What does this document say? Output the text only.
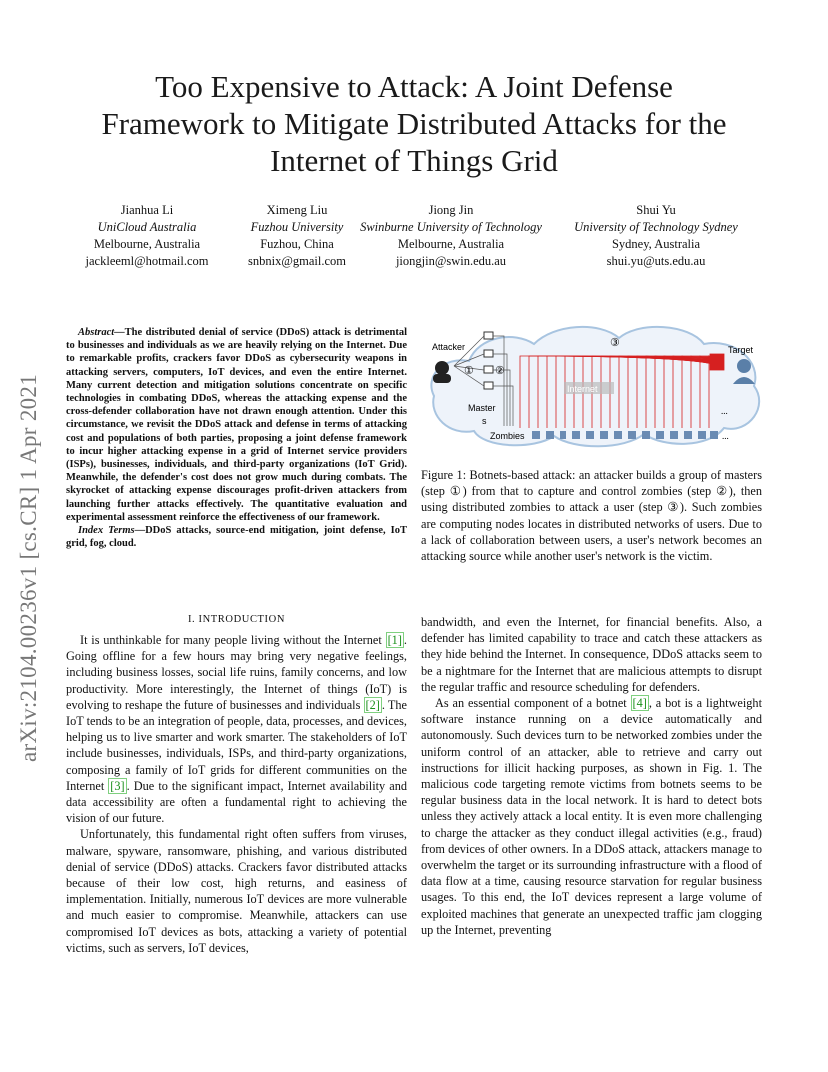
Too Expensive to Attack: A Joint Defense
Framework to Mitigate Distributed Attacks for the
Internet of Things Grid
Jianhua Li
UniCloud Australia
Melbourne, Australia
jackleeml@hotmail.com
Ximeng Liu
Fuzhou University
Fuzhou, China
snbnix@gmail.com
Jiong Jin
Swinburne University of Technology
Melbourne, Australia
jiongjin@swin.edu.au
Shui Yu
University of Technology Sydney
Sydney, Australia
shui.yu@uts.edu.au
arXiv:2104.00236v1 [cs.CR] 1 Apr 2021

Abstract—The distributed denial of service (DDoS) attack is detrimental to businesses and individuals as we are heavily relying on the Internet. Due to remarkable profits, crackers favor DDoS as cybersecurity weapons in attacking servers, computers, IoT devices, and even the entire Internet. Many current detection and mitigation solutions concentrate on specific technologies in combating DDoS, whereas the attacking expense and the cross-defender collaboration have not drawn enough attention. Under this circumstance, we revisit the DDoS attack and defense in terms of attacking cost and populations of both parties, proposing a joint defense framework to incur higher attacking expense in a grid of Internet service providers (ISPs), businesses, individuals, and third-party organizations (IoT Grid). Meanwhile, the defender's cost does not grow much during combats. The skyrocket of attacking expense discourages profit-driven attackers from launching further attacks effectively. The quantitative evaluation and experimental assessment reinforce the effectiveness of our framework.

Index Terms—DDoS attacks, source-end mitigation, joint defense, IoT grid, fog, cloud.

Attacker	Target
Internet
Master
s
Zombies
① ②
③
...
...
Figure 1: Botnets-based attack: an attacker builds a group of masters (step ①) from that to capture and control zombies (step ②), then using distributed zombies to attack a user (step ③). Such zombies are computing nodes locates in distributed networks of users. Due to a lack of collaboration between users, a user's network becomes an attacking source while another user's network is the victim.
I. INTRODUCTION

It is unthinkable for many people living without the Internet [1] . Going offline for a few hours may bring very negative feelings, including business losses, social life ruins, family concerns, and low productivity. More interestingly, the Internet of things (IoT) is evolving to reshape the future of businesses and individuals [2] . The IoT tends to be an integration of people, data, processes, and devices, helping us to live smarter and work smarter. The stakeholders of IoT include businesses, individuals, ISPs, and third-party organizations, composing a family of IoT grids for different communities on the Internet [3] . Due to the significant impact, Internet availability and data accessibility are often a fundamental right to achieving the vision of our future.

Unfortunately, this fundamental right often suffers from viruses, malware, spyware, ransomware, phishing, and various distributed denial of service (DDoS) attacks. Crackers favor distributed attacks because of their low cost, high returns, and easiness of implementation. Initially, numerous IoT devices are more vulnerable and much easier to compromise. Meanwhile, attackers can use compromised IoT devices as bots, attacking a variety of potential victims, such as servers, IoT devices,

bandwidth, and even the Internet, for financial benefits. Also, a defender has limited capability to trace and catch these attackers as they hide behind the Internet. In consequence, DDoS attacks seem to be a nightmare for the Internet that are malicious attempts to disrupt the regular traffic and resource scheduling for defenders.

As an essential component of a botnet [4] , a bot is a lightweight software instance running on a device automatically and autonomously. Such devices turn to be networked zombies under the uniform control of an attacker, able to retrieve and carry out instructions for illicit hacking purposes, as shown in Fig. 1. The malicious code targeting remote victims from botnets seems to be regular business data in the local network. It is hard to detect bots unless they actively attack a local entity. It is even more challenging to charge the attacker as they conduct illegal activities (e.g., fraud) from devices of other owners. In a DDoS attack, attackers manage to overwhelm the target or its surrounding infrastructure with a flood of data flow at a time, causing resource starvation for regular business usages. To this end, the IoT devices represent a large volume of exploited machines that generate an unexpected traffic jam clogging up the Internet, preventing
